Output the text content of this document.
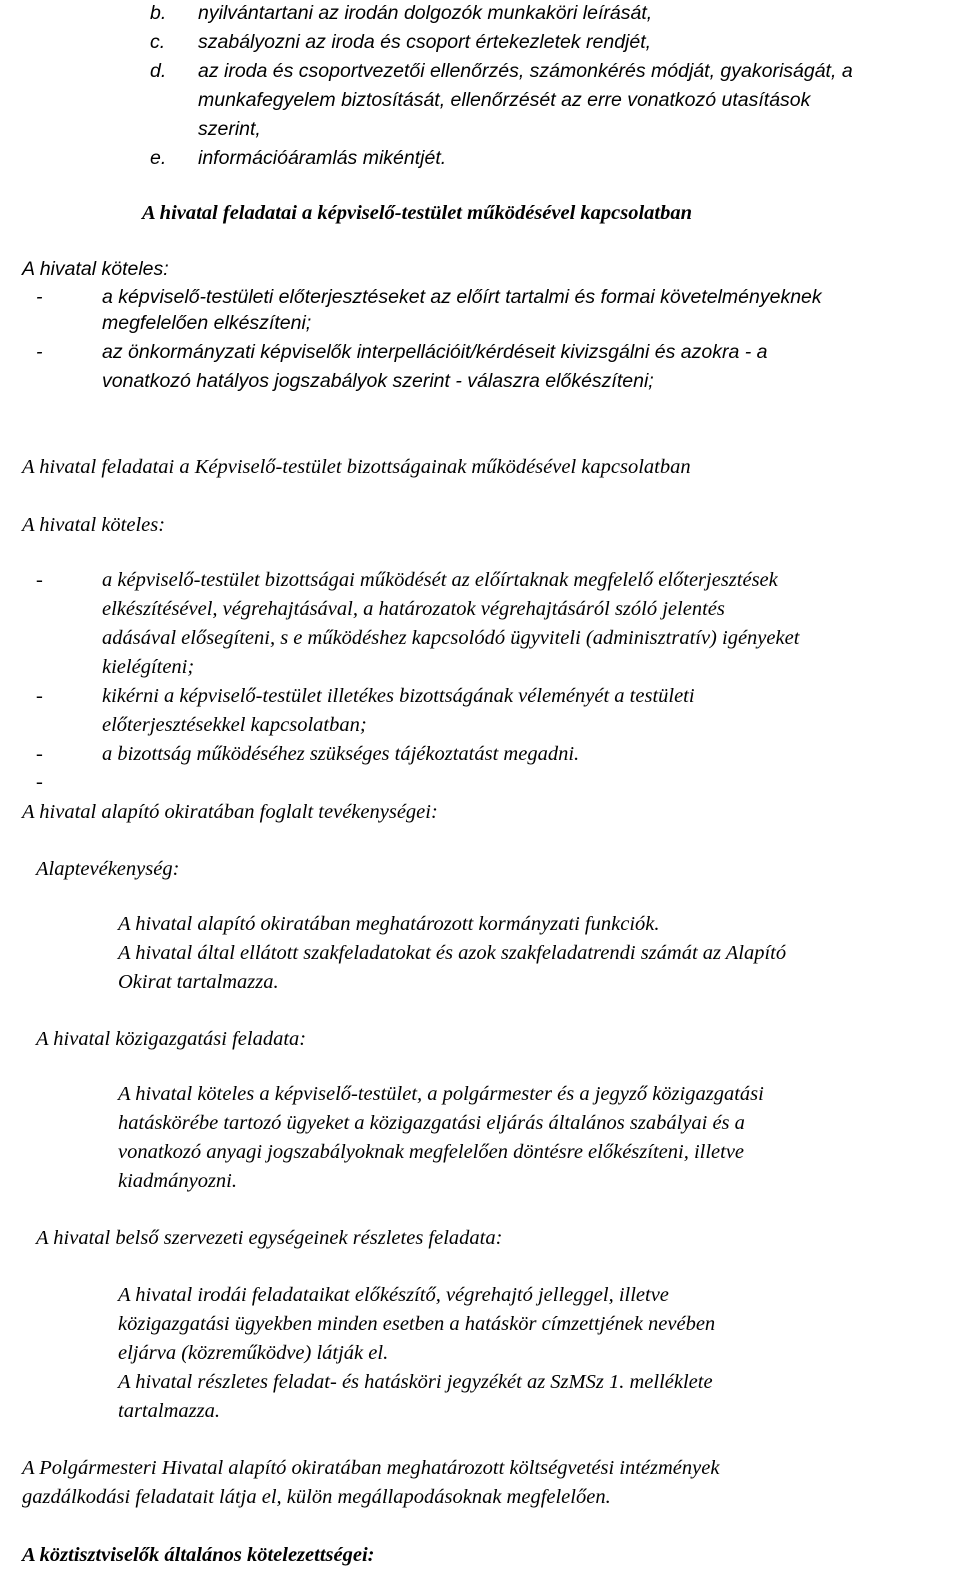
b. nyilvántartani az irodán dolgozók munkaköri leírását,
c. szabályozni az iroda és csoport értekezletek rendjét,
d. az iroda és csoportvezetői ellenőrzés, számonkérés módját, gyakoriságát, a
munkafegyelem biztosítását, ellenőrzését az erre vonatkozó utasítások
szerint,
e. információáramlás mikéntjét.
A hivatal feladatai a képviselő-testület működésével kapcsolatban
A hivatal köteles:
-	a képviselő-testületi előterjesztéseket az előírt tartalmi és formai követelményeknek
megfelelően elkészíteni;
-	az önkormányzati képviselők interpellációit/kérdéseit kivizsgálni és azokra - a
vonatkozó hatályos jogszabályok szerint - válaszra előkészíteni;
A hivatal feladatai a Képviselő-testület bizottságainak működésével kapcsolatban
A hivatal köteles:
-	a képviselő-testület bizottságai működését az előírtaknak megfelelő előterjesztések
elkészítésével, végrehajtásával, a határozatok végrehajtásáról szóló jelentés
adásával elősegíteni, s e működéshez kapcsolódó ügyviteli (adminisztratív) igényeket
kielégíteni;
-	kikérni a képviselő-testület illetékes bizottságának véleményét a testületi
előterjesztésekkel kapcsolatban;
-	a bizottság működéséhez szükséges tájékoztatást megadni.
-
A hivatal alapító okiratában foglalt tevékenységei:
Alaptevékenység:
A hivatal alapító okiratában meghatározott kormányzati funkciók.
A hivatal által ellátott szakfeladatokat és azok szakfeladatrendi számát az Alapító
Okirat tartalmazza.
A hivatal közigazgatási feladata:
A hivatal köteles a képviselő-testület, a polgármester és a jegyző közigazgatási
hatáskörébe tartozó ügyeket a közigazgatási eljárás általános szabályai és a
vonatkozó anyagi jogszabályoknak megfelelően döntésre előkészíteni, illetve
kiadmányozni.
A hivatal belső szervezeti egységeinek részletes feladata:
A hivatal irodái feladataikat előkészítő, végrehajtó jelleggel, illetve
közigazgatási ügyekben minden esetben a hatáskör címzettjének nevében
eljárva (közreműködve) látják el.
A hivatal részletes feladat- és hatásköri jegyzékét az SzMSz 1. melléklete
tartalmazza.
A Polgármesteri Hivatal alapító okiratában meghatározott költségvetési intézmények
gazdálkodási feladatait látja el, külön megállapodásoknak megfelelően.
A köztisztviselők általános kötelezettségei:
